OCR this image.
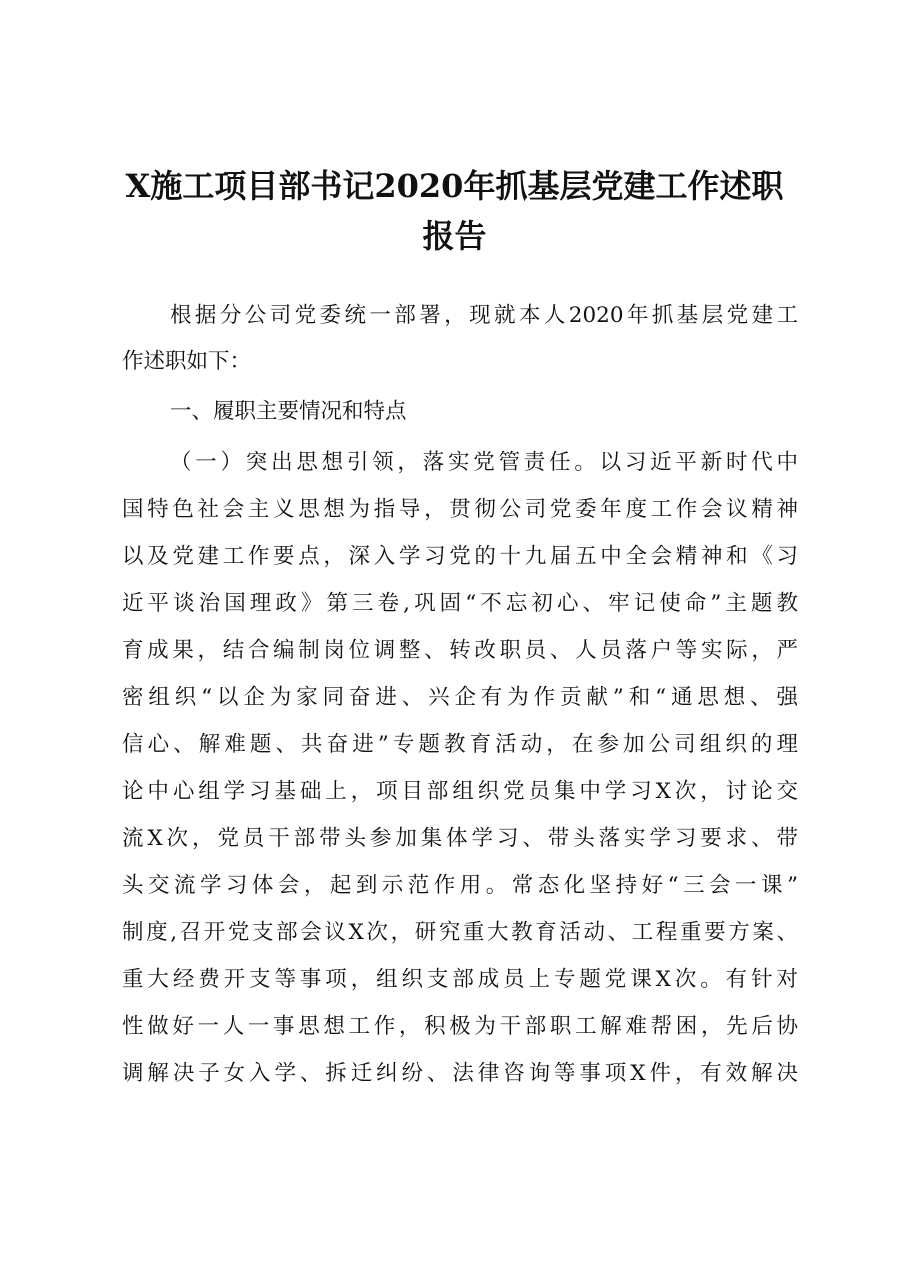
X施工项目部书记2020年抓基层党建工作述职
报告

根据分公司党委统一部署，现就本人2020年抓基层党建工

作述职如下：

一、履职主要情况和特点

（一）突出思想引领，落实党管责任。以习近平新时代中

国特色社会主义思想为指导，贯彻公司党委年度工作会议精神

以及党建工作要点，深入学习党的十九届五中全会精神和《习

近平谈治国理政》第三卷,巩固“不忘初心、牢记使命”主题教

育成果，结合编制岗位调整、转改职员、人员落户等实际，严

密组织“以企为家同奋进、兴企有为作贡献”和“通思想、强

信心、解难题、共奋进”专题教育活动，在参加公司组织的理

论中心组学习基础上，项目部组织党员集中学习X次，讨论交

流X次，党员干部带头参加集体学习、带头落实学习要求、带

头交流学习体会，起到示范作用。常态化坚持好“三会一课”

制度,召开党支部会议X次，研究重大教育活动、工程重要方案、

重大经费开支等事项，组织支部成员上专题党课X次。有针对

性做好一人一事思想工作，积极为干部职工解难帮困，先后协

调解决子女入学、拆迁纠纷、法律咨询等事项X件，有效解决
